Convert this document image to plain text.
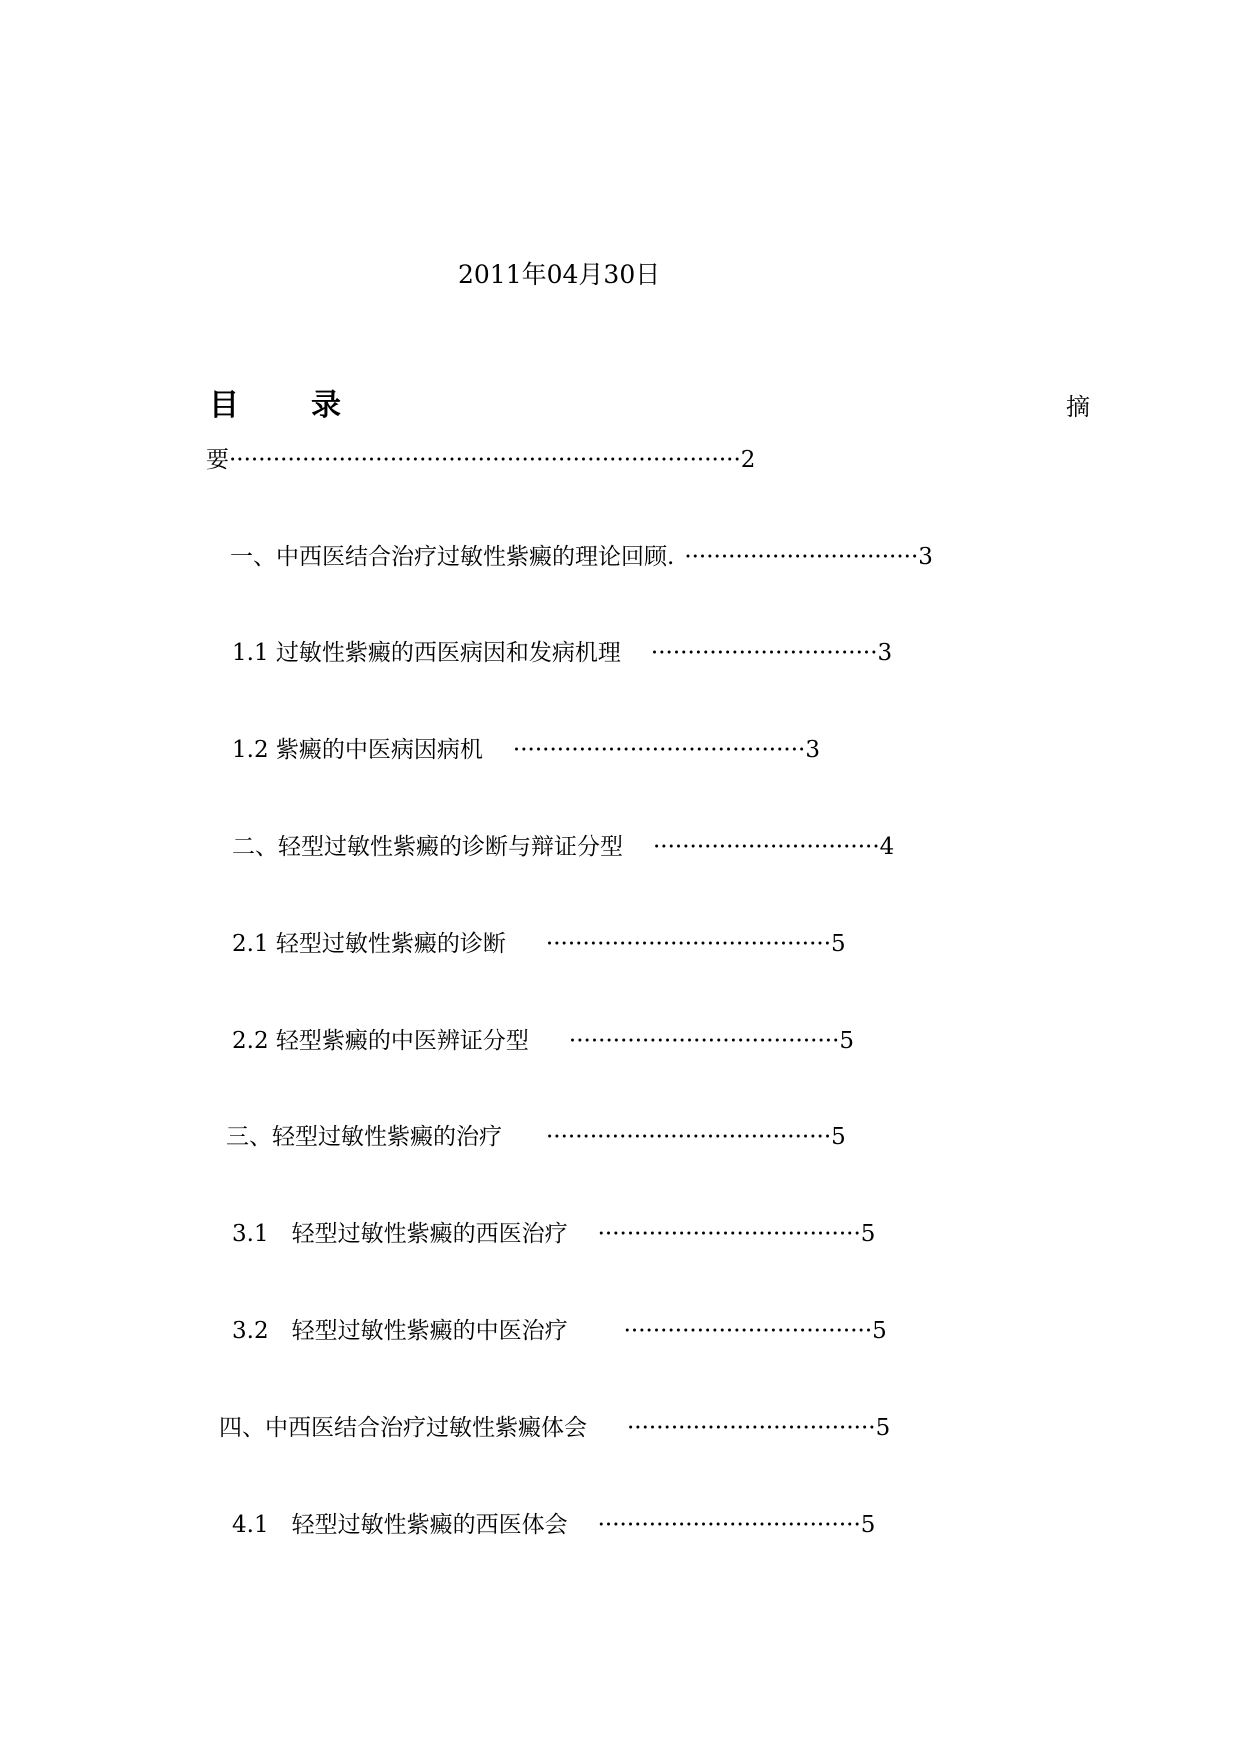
2011年04月30日
目 录	摘
要······································································2
一、中西医结合治疗过敏性紫癜的理论回顾. ································3
1.1 过敏性紫癜的西医病因和发病机理 ·······························3
1.2 紫癜的中医病因病机 ········································3
二、轻型过敏性紫癜的诊断与辩证分型 ·······························4
2.1 轻型过敏性紫癜的诊断 ·······································5
2.2 轻型紫癜的中医辨证分型 ·····································5
三、轻型过敏性紫癜的治疗 ·······································5
3.1　轻型过敏性紫癜的西医治疗 ····································5
3.2　轻型过敏性紫癜的中医治疗 ··································5
四、中西医结合治疗过敏性紫癜体会 ··································5
4.1　轻型过敏性紫癜的西医体会 ····································5
